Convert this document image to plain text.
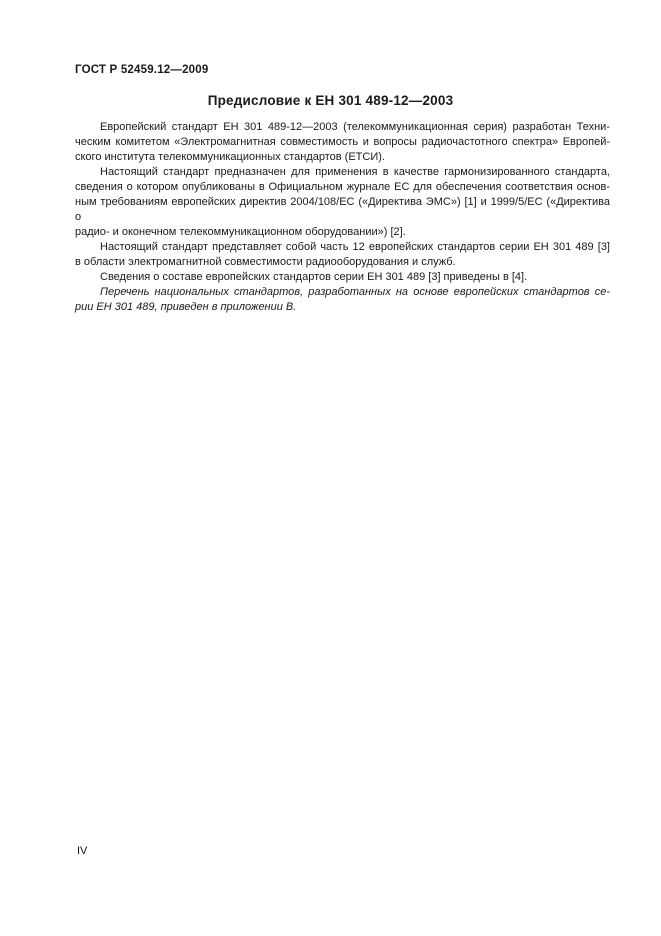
ГОСТ Р 52459.12—2009
Предисловие к ЕН 301 489-12—2003
Европейский стандарт ЕН 301 489-12—2003 (телекоммуникационная серия) разработан Техни-
ческим комитетом «Электромагнитная совместимость и вопросы радиочастотного спектра» Европей-
ского института телекоммуникационных стандартов (ЕТСИ).
Настоящий стандарт предназначен для применения в качестве гармонизированного стандарта,
сведения о котором опубликованы в Официальном журнале ЕС для обеспечения соответствия основ-
ным требованиям европейских директив 2004/108/ЕС («Директива ЭМС») [1] и 1999/5/ЕС («Директива о
радио- и оконечном телекоммуникационном оборудовании») [2].
Настоящий стандарт представляет собой часть 12 европейских стандартов серии ЕН 301 489 [3]
в области электромагнитной совместимости радиооборудования и служб.
Сведения о составе европейских стандартов серии ЕН 301 489 [3] приведены в [4].
Перечень национальных стандартов, разработанных на основе европейских стандартов се-
рии ЕН 301 489, приведен в приложении В.
IV
